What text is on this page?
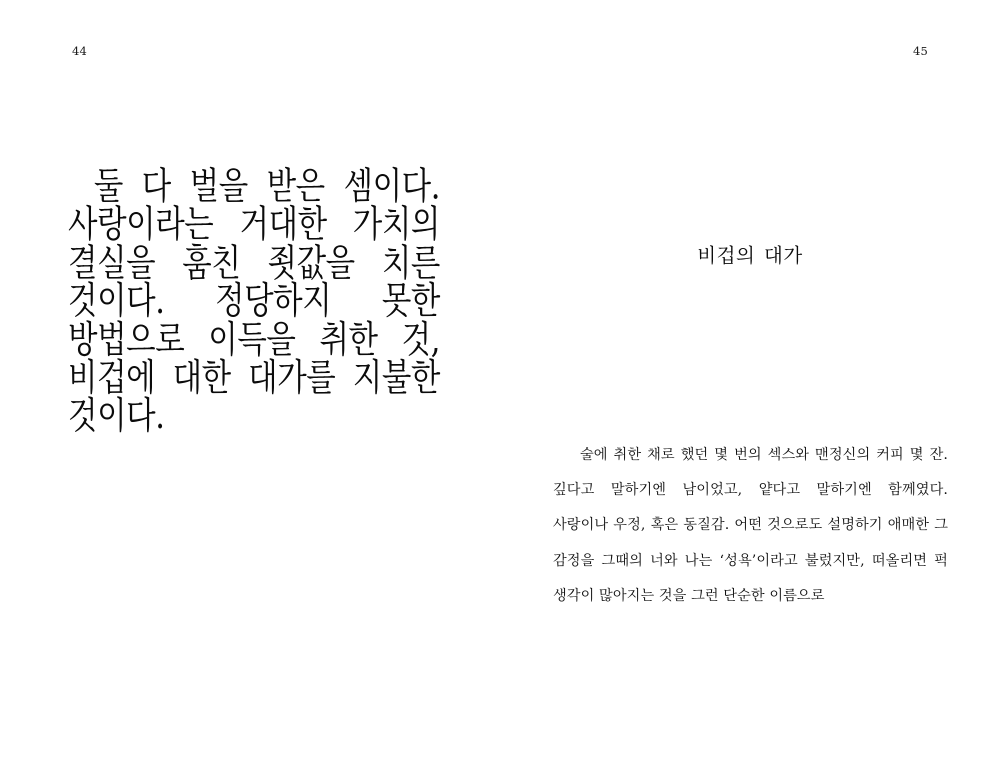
44

둘 다 벌을 받은 셈이다. 사랑이라는 거대한 가치의 결실을 훔친 죗값을 치른 것이다. 정당하지 못한 방법으로 이득을 취한 것, 비겁에 대한 대가를 지불한 것이다.

45
비겁의 대가

술에 취한 채로 했던 몇 번의 섹스와 맨정신의 커피 몇 잔. 깊다고 말하기엔 남이었고, 얕다고 말하기엔 함께였다. 사랑이나 우정, 혹은 동질감. 어떤 것으로도 설명하기 애매한 그 감정을 그때의 너와 나는 ‘성욕’이라고 불렀지만, 떠올리면 퍽 생각이 많아지는 것을 그런 단순한 이름으로
